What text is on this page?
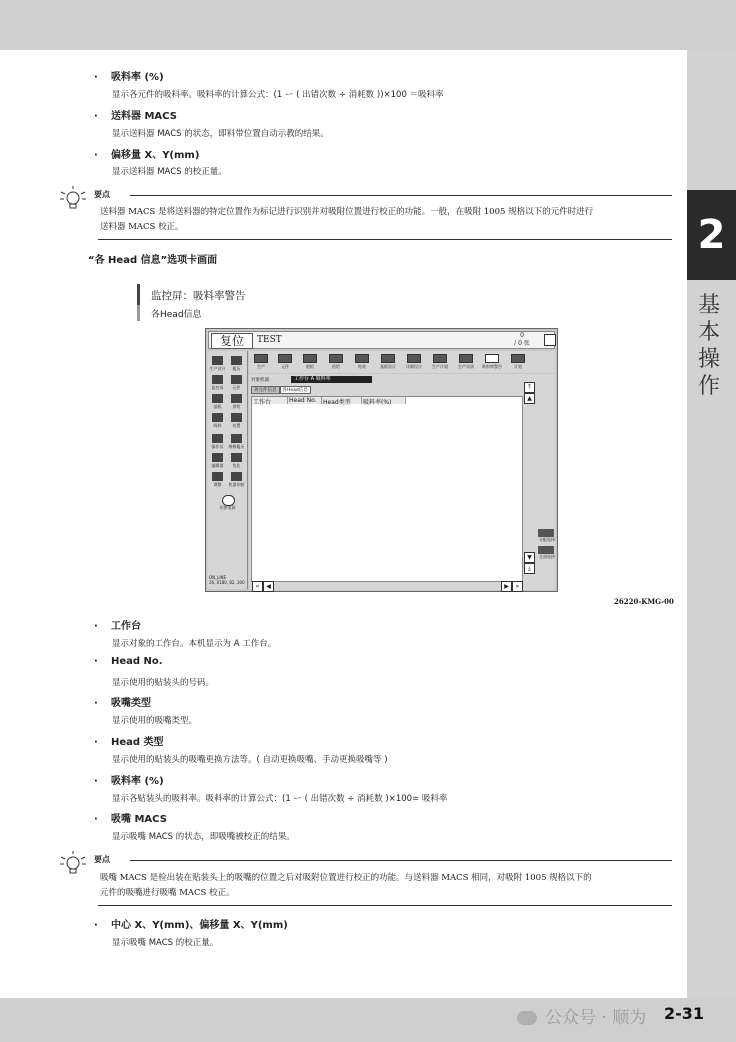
2
基
本
操
作
· 吸料率 (%)
显示各元件的吸料率。吸料率的计算公式：(1 ー ( 出错次数 ÷ 消耗数 ))×100 ＝吸料率
· 送料器 MACS
显示送料器 MACS 的状态，即料带位置自动示教的结果。
· 偏移量 X、Y(mm)
显示送料器 MACS 的校正量。
要点
送料器 MACS 是将送料器的特定位置作为标记进行识别并对吸附位置进行校正的功能。一般，在吸附 1005 规格以下的元件时进行
送料器 MACS 校正。
“各 Head 信息”选项卡画面
监控屏：吸料率警告
各Head信息
复位	TEST	0
/ 0 张
生产设计	履历
监控屏	元件
基板	供给
吸料	装置
操作员	维修履历
编辑器	优化
调整	机器诊断
切换电源
生产	元件	相机	供给	贴装	基板设计	详细设计	生产计划	生产实绩	吸料率警告	计划
对象机器	工作台 A 吸料率
各元件信息 各Head信息
工作台	Head No.	Head类型	吸料率(%)
⤒
▲
▼
⤓
分配选择
全部选择
ON_LINE
26, 0180, 82, 300
«	◀	▶	»
26220-KMG-00
· 工作台
显示对象的工作台。本机显示为 A 工作台。
· Head No.
显示使用的贴装头的号码。
· 吸嘴类型
显示使用的吸嘴类型。
· Head 类型
显示使用的贴装头的吸嘴更换方法等。( 自动更换吸嘴、手动更换吸嘴等 )
· 吸料率 (%)
显示各贴装头的吸料率。吸料率的计算公式：(1 ー ( 出错次数 ÷ 消耗数 )×100= 吸料率
· 吸嘴 MACS
显示吸嘴 MACS 的状态，即吸嘴被校正的结果。
要点
吸嘴 MACS 是检出装在贴装头上的吸嘴的位置之后对吸附位置进行校正的功能。与送料器 MACS 相同，对吸附 1005 规格以下的
元件的吸嘴进行吸嘴 MACS 校正。
· 中心 X、Y(mm)、偏移量 X、Y(mm)
显示吸嘴 MACS 的校正量。
公众号 · 顺为 2-31
